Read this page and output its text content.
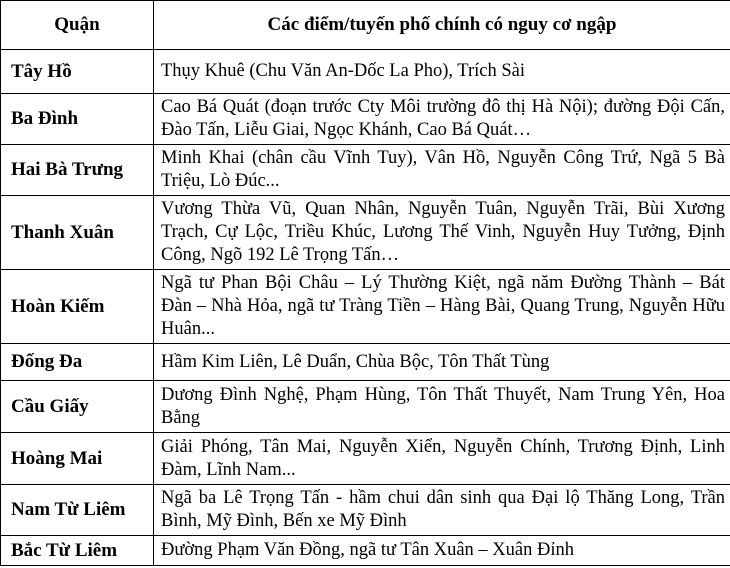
Quận	Các điểm/tuyến phố chính có nguy cơ ngập
Tây Hồ	Thụy Khuê (Chu Văn An-Dốc La Pho), Trích Sài
Ba Đình	Cao Bá Quát (đoạn trước Cty Môi trường đô thị Hà Nội); đường Đội Cấn, Đào Tấn, Liễu Giai, Ngọc Khánh, Cao Bá Quát…
Hai Bà Trưng	Minh Khai (chân cầu Vĩnh Tuy), Vân Hồ, Nguyễn Công Trứ, Ngã 5 Bà Triệu, Lò Đúc...
Thanh Xuân	Vương Thừa Vũ, Quan Nhân, Nguyễn Tuân, Nguyễn Trãi, Bùi Xương Trạch, Cự Lộc, Triều Khúc, Lương Thế Vinh, Nguyễn Huy Tưởng, Định Công, Ngõ 192 Lê Trọng Tấn…
Hoàn Kiếm	Ngã tư Phan Bội Châu – Lý Thường Kiệt, ngã năm Đường Thành – Bát Đàn – Nhà Hỏa, ngã tư Tràng Tiền – Hàng Bài, Quang Trung, Nguyễn Hữu Huân...
Đống Đa	Hầm Kim Liên, Lê Duẩn, Chùa Bộc, Tôn Thất Tùng
Cầu Giấy	Dương Đình Nghệ, Phạm Hùng, Tôn Thất Thuyết, Nam Trung Yên, Hoa Bằng
Hoàng Mai	Giải Phóng, Tân Mai, Nguyễn Xiển, Nguyễn Chính, Trương Định, Linh Đàm, Lĩnh Nam...
Nam Từ Liêm	Ngã ba Lê Trọng Tấn - hầm chui dân sinh qua Đại lộ Thăng Long, Trần Bình, Mỹ Đình, Bến xe Mỹ Đình
Bắc Từ Liêm	Đường Phạm Văn Đồng, ngã tư Tân Xuân – Xuân Đỉnh
